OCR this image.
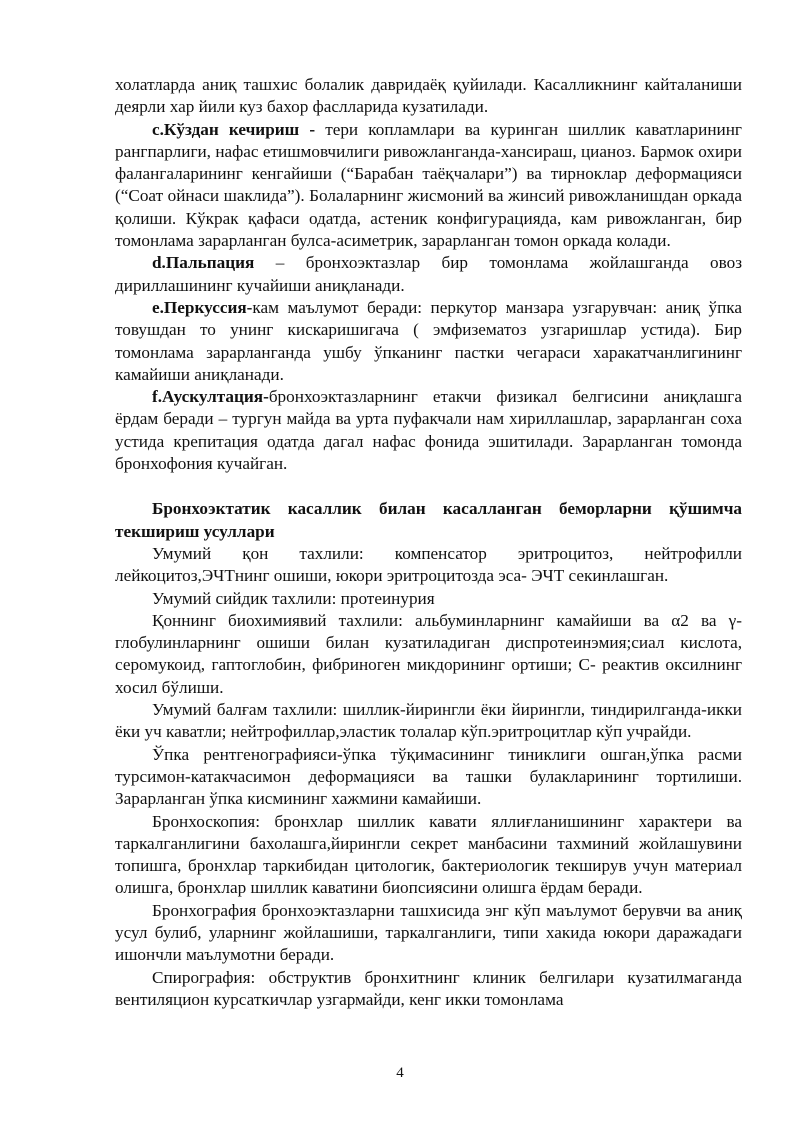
холатларда аниқ ташхис болалик давридаёқ қуйилади. Касалликнинг кайталаниши деярли хар йили куз бахор фаслларида кузатилади.

c.Кўздан кечириш - тери копламлари ва куринган шиллик каватларининг рангпарлиги, нафас етишмовчилиги ривожланганда-хансираш, цианоз. Бармок охири фалангаларининг кенгайиши (“Барабан таёқчалари”) ва тирноклар деформацияси (“Соат ойнаси шаклида”). Болаларнинг жисмоний ва жинсий ривожланишдан оркада қолиши. Кўкрак қафаси одатда, астеник конфигурацияда, кам ривожланган, бир томонлама зарарланган булса-асиметрик, зарарланган томон оркада колади.

d.Пальпация – бронхоэктазлар бир томонлама жойлашганда овоз дириллашининг кучайиши аниқланади.

e.Перкуссия-кам маълумот беради: перкутор манзара узгарувчан: аниқ ўпка товушдан то унинг кискаришигача ( эмфизематоз узгаришлар устида). Бир томонлама зарарланганда ушбу ўпканинг пастки чегараси харакатчанлигининг камайиши аниқланади.

f.Аускултация-бронхоэктазларнинг етакчи физикал белгисини аниқлашга ёрдам беради – тургун майда ва урта пуфакчали нам хириллашлар, зарарланган соха устида крепитация одатда дагал нафас фонида эшитилади. Зарарланган томонда бронхофония кучайган.

Бронхоэктатик касаллик билан касалланган беморларни қўшимча текшириш усуллари

Умумий қон тахлили: компенсатор эритроцитоз, нейтрофилли лейкоцитоз,ЭЧТнинг ошиши, юкори эритроцитозда эса- ЭЧТ секинлашган.

Умумий сийдик тахлили: протеинурия

Қоннинг биохимиявий тахлили: альбуминларнинг камайиши ва α2 ва γ-глобулинларнинг ошиши билан кузатиладиган диспротеинэмия;сиал кислота, серомукоид, гаптоглобин, фибриноген микдорининг ортиши; С- реактив оксилнинг хосил бўлиши.

Умумий балғам тахлили: шиллик-йирингли ёки йирингли, тиндирилганда-икки ёки уч каватли; нейтрофиллар,эластик толалар кўп.эритроцитлар кўп учрайди.

Ўпка рентгенографияси-ўпка тўқимасининг тиниклиги ошган,ўпка расми турсимон-катакчасимон деформацияси ва ташки булакларининг тортилиши. Зарарланган ўпка кисмининг хажмини камайиши.

Бронхоскопия: бронхлар шиллик кавати яллиғланишининг характери ва таркалганлигини бахолашга,йирингли секрет манбасини тахминий жойлашувини топишга, бронхлар таркибидан цитологик, бактериологик текширув учун материал олишга, бронхлар шиллик каватини биопсиясини олишга ёрдам беради.

Бронхография бронхоэктазларни ташхисида энг кўп маълумот берувчи ва аниқ усул булиб, уларнинг жойлашиши, таркалганлиги, типи хакида юкори даражадаги ишончли маълумотни беради.

Спирография: обструктив бронхитнинг клиник белгилари кузатилмаганда вентиляцион курсаткичлар узгармайди, кенг икки томонлама

4
